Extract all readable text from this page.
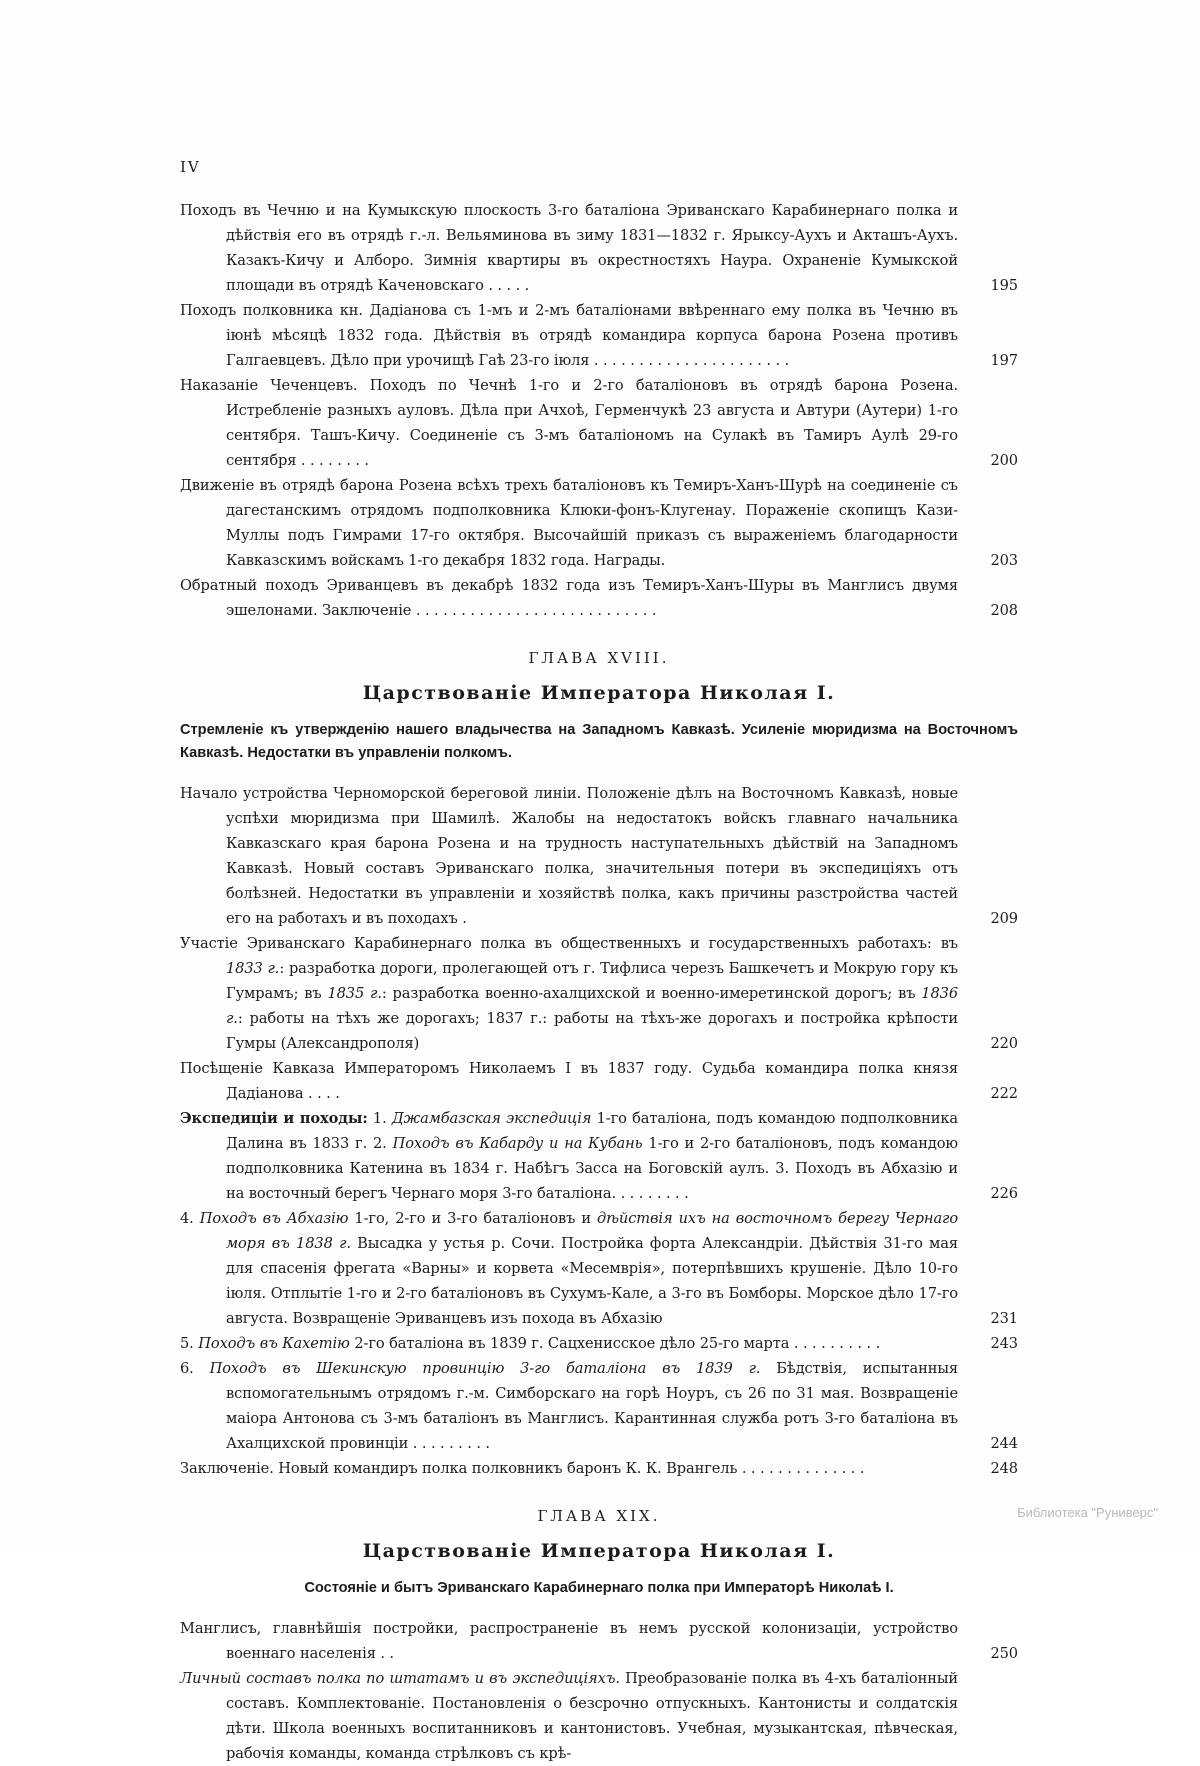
IV
Походъ въ Чечню и на Кумыкскую плоскость 3-го баталіона Эриванскаго Карабинернаго полка и дѣйствія его въ отрядѣ г.-л. Вельяминова въ зиму 1831—1832 г. Ярыксу-Аухъ и Акташъ-Аухъ. Казакъ-Кичу и Алборо. Зимнія квартиры въ окрестностяхъ Наура. Охраненіе Кумыкской площади въ отрядѣ Каченовскаго . . . . .	195
Походъ полковника кн. Дадіанова съ 1-мъ и 2-мъ баталіонами ввѣреннаго ему полка въ Чечню въ іюнѣ мѣсяцѣ 1832 года. Дѣйствія въ отрядѣ командира корпуса барона Розена противъ Галгаевцевъ. Дѣло при урочищѣ Гаѣ 23-го іюля . . . . . . . . . . . . . . . . . . . . . .	197
Наказаніе Чеченцевъ. Походъ по Чечнѣ 1-го и 2-го баталіоновъ въ отрядѣ барона Розена. Истребленіе разныхъ ауловъ. Дѣла при Ачхоѣ, Герменчукѣ 23 августа и Автури (Аутери) 1-го сентября. Ташъ-Кичу. Соединеніе съ 3-мъ баталіономъ на Сулакѣ въ Тамиръ Аулѣ 29-го сентября . . . . . . . .	200
Движеніе въ отрядѣ барона Розена всѣхъ трехъ баталіоновъ къ Темиръ-Ханъ-Шурѣ на соединеніе съ дагестанскимъ отрядомъ подполковника Клюки-фонъ-Клугенау. Пораженіе скопищъ Кази-Муллы подъ Гимрами 17-го октября. Высочайшій приказъ съ выраженіемъ благодарности Кавказскимъ войскамъ 1-го декабря 1832 года. Награды.	203
Обратный походъ Эриванцевъ въ декабрѣ 1832 года изъ Темиръ-Ханъ-Шуры въ Манглисъ двумя эшелонами. Заключеніе . . . . . . . . . . . . . . . . . . . . . . . . . . .	208
ГЛАВА XVIII.
Царствованіе Императора Николая I.
Стремленіе къ утвержденію нашего владычества на Западномъ Кавказѣ. Усиленіе мюридизма на Восточномъ Кавказѣ. Недостатки въ управленіи полкомъ.
Начало устройства Черноморской береговой линіи. Положеніе дѣлъ на Восточномъ Кавказѣ, новые успѣхи мюридизма при Шамилѣ. Жалобы на недостатокъ войскъ главнаго начальника Кавказскаго края барона Розена и на трудность наступательныхъ дѣйствій на Западномъ Кавказѣ. Новый составъ Эриванскаго полка, значительныя потери въ экспедиціяхъ отъ болѣзней. Недостатки въ управленіи и хозяйствѣ полка, какъ причины разстройства частей его на работахъ и въ походахъ .	209
Участіе Эриванскаго Карабинернаго полка въ общественныхъ и государственныхъ работахъ: въ 1833 г.: разработка дороги, пролегающей отъ г. Тифлиса черезъ Башкечетъ и Мокрую гору къ Гумрамъ; въ 1835 г.: разработка военно-ахалцихской и военно-имеретинской дорогъ; въ 1836 г.: работы на тѣхъ же дорогахъ; 1837 г.: работы на тѣхъ-же дорогахъ и постройка крѣпости Гумры (Александрополя)	220
Посѣщеніе Кавказа Императоромъ Николаемъ I въ 1837 году. Судьба командира полка князя Дадіанова . . . .	222
Экспедиціи и походы: 1. Джамбазская экспедиція 1-го баталіона, подъ командою подполковника Далина въ 1833 г. 2. Походъ въ Кабарду и на Кубань 1-го и 2-го баталіоновъ, подъ командою подполковника Катенина въ 1834 г. Набѣгъ Засса на Боговскій аулъ. 3. Походъ въ Абхазію и на восточный берегъ Чернаго моря 3-го баталіона. . . . . . . . .	226
4. Походъ въ Абхазію 1-го, 2-го и 3-го баталіоновъ и дѣйствія ихъ на восточномъ берегу Чернаго моря въ 1838 г. Высадка у устья р. Сочи. Постройка форта Александріи. Дѣйствія 31-го мая для спасенія фрегата «Варны» и корвета «Месемврія», потерпѣвшихъ крушеніе. Дѣло 10-го іюля. Отплытіе 1-го и 2-го баталіоновъ въ Сухумъ-Кале, а 3-го въ Бомборы. Морское дѣло 17-го августа. Возвращеніе Эриванцевъ изъ похода въ Абхазію	231
5. Походъ въ Кахетію 2-го баталіона въ 1839 г. Сацхенисское дѣло 25-го марта . . . . . . . . . .	243
6. Походъ въ Шекинскую провинцію 3-го баталіона въ 1839 г. Бѣдствія, испытанныя вспомогательнымъ отрядомъ г.-м. Симборскаго на горѣ Ноуръ, съ 26 по 31 мая. Возвращеніе маіора Антонова съ 3-мъ баталіонъ въ Манглисъ. Карантинная служба ротъ 3-го баталіона въ Ахалцихской провинціи . . . . . . . . .	244
Заключеніе. Новый командиръ полка полковникъ баронъ К. К. Врангель . . . . . . . . . . . . . .	248
ГЛАВА XIX.
Царствованіе Императора Николая I.
Состояніе и бытъ Эриванскаго Карабинернаго полка при Императорѣ Николаѣ I.
Манглисъ, главнѣйшія постройки, распространеніе въ немъ русской колонизаціи, устройство военнаго населенія . .	250
Личный составъ полка по штатамъ и въ экспедиціяхъ. Преобразованіе полка въ 4-хъ баталіонный составъ. Комплектованіе. Постановленія о безсрочно отпускныхъ. Кантонисты и солдатскія дѣти. Школа военныхъ воспитанниковъ и кантонистовъ. Учебная, музыкантская, пѣвческая, рабочія команды, команда стрѣлковъ съ крѣ-
Библиотека "Руниверс"
